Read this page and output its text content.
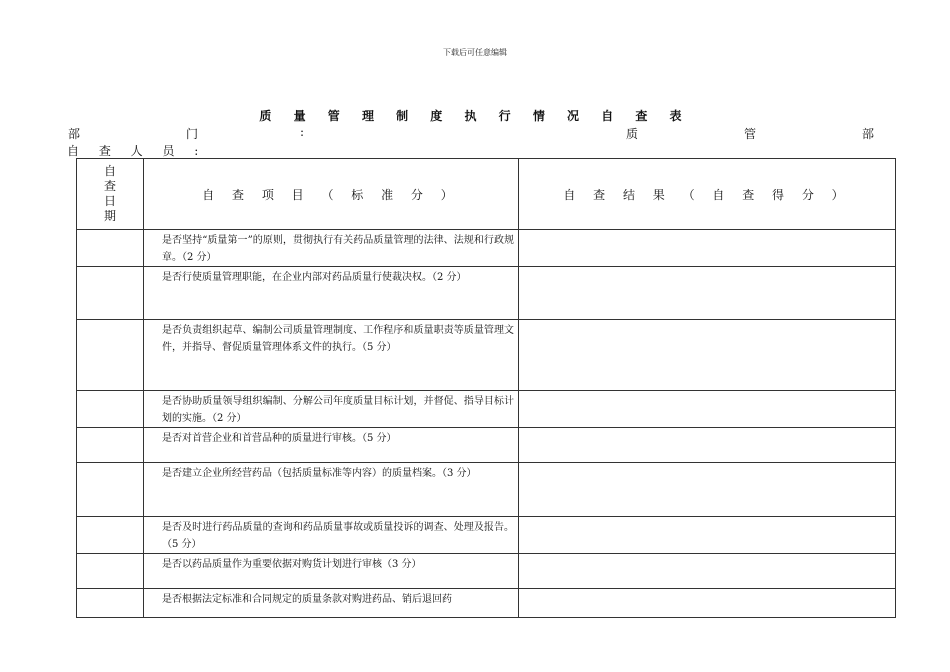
下载后可任意编辑
质 量 管 理 制 度 执 行 情 况 自 查 表
部	门	:	质	管	部
自 查 人 员 :
自
查
日
期	自 查 项 目 （ 标 准 分 ）	自 查 结 果 （ 自 查 得 分 ）
	是否坚持“质量第一”的原则，贯彻执行有关药品质量管理的法律、法规和行政规章。（2 分）	
	是否行使质量管理职能，在企业内部对药品质量行使裁决权。（2 分）	
	是否负责组织起草、编制公司质量管理制度、工作程序和质量职责等质量管理文件，并指导、督促质量管理体系文件的执行。（5 分）	
	是否协助质量领导组织编制、分解公司年度质量目标计划，并督促、指导目标计划的实施。（2 分）	
	是否对首营企业和首营品种的质量进行审核。（5 分）	
	是否建立企业所经营药品（包括质量标准等内容）的质量档案。（3 分）	
	是否及时进行药品质量的查询和药品质量事故或质量投诉的调查、处理及报告。（5 分）	
	是否以药品质量作为重要依据对购货计划进行审核（3 分）	
	是否根据法定标准和合同规定的质量条款对购进药品、销后退回药	
